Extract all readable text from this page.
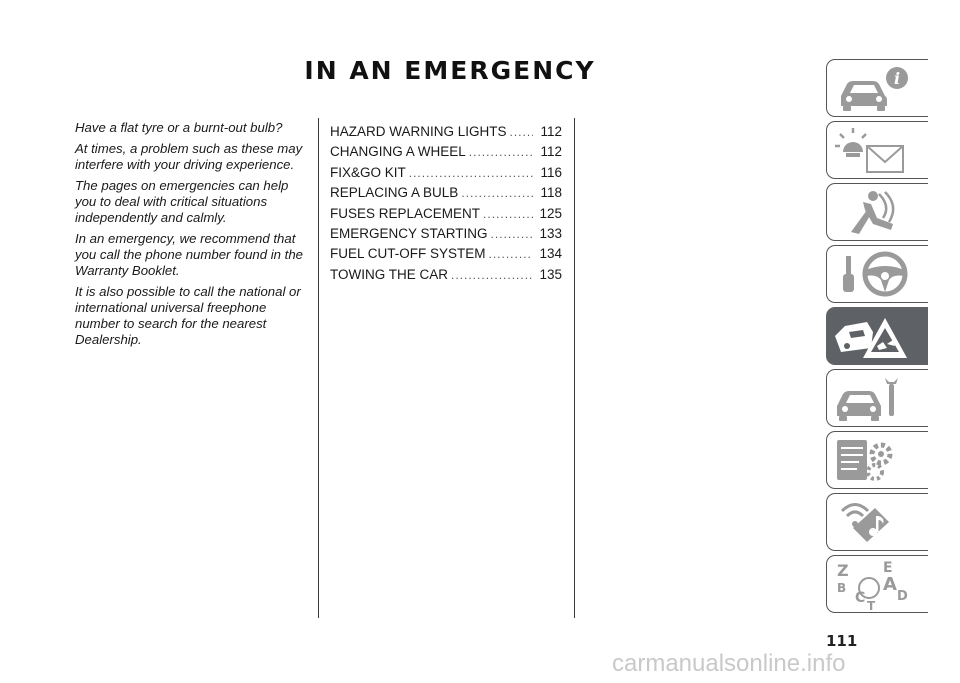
IN AN EMERGENCY

Have a flat tyre or a burnt-out bulb?

At times, a problem such as these may interfere with your driving experience.

The pages on emergencies can help you to deal with critical situations independently and calmly.

In an emergency, we recommend that you call the phone number found in the Warranty Booklet.

It is also possible to call the national or international universal freephone number to search for the nearest Dealership.

HAZARD WARNING LIGHTS .....	112
CHANGING A WHEEL .....	112
FIX&GO KIT .....	116
REPLACING A BULB .....	118
FUSES REPLACEMENT .....	125
EMERGENCY STARTING .....	133
FUEL CUT-OFF SYSTEM .....	134
TOWING THE CAR .....	135
i
Z E
A
B
C D
T
111
carmanualsonline.info
